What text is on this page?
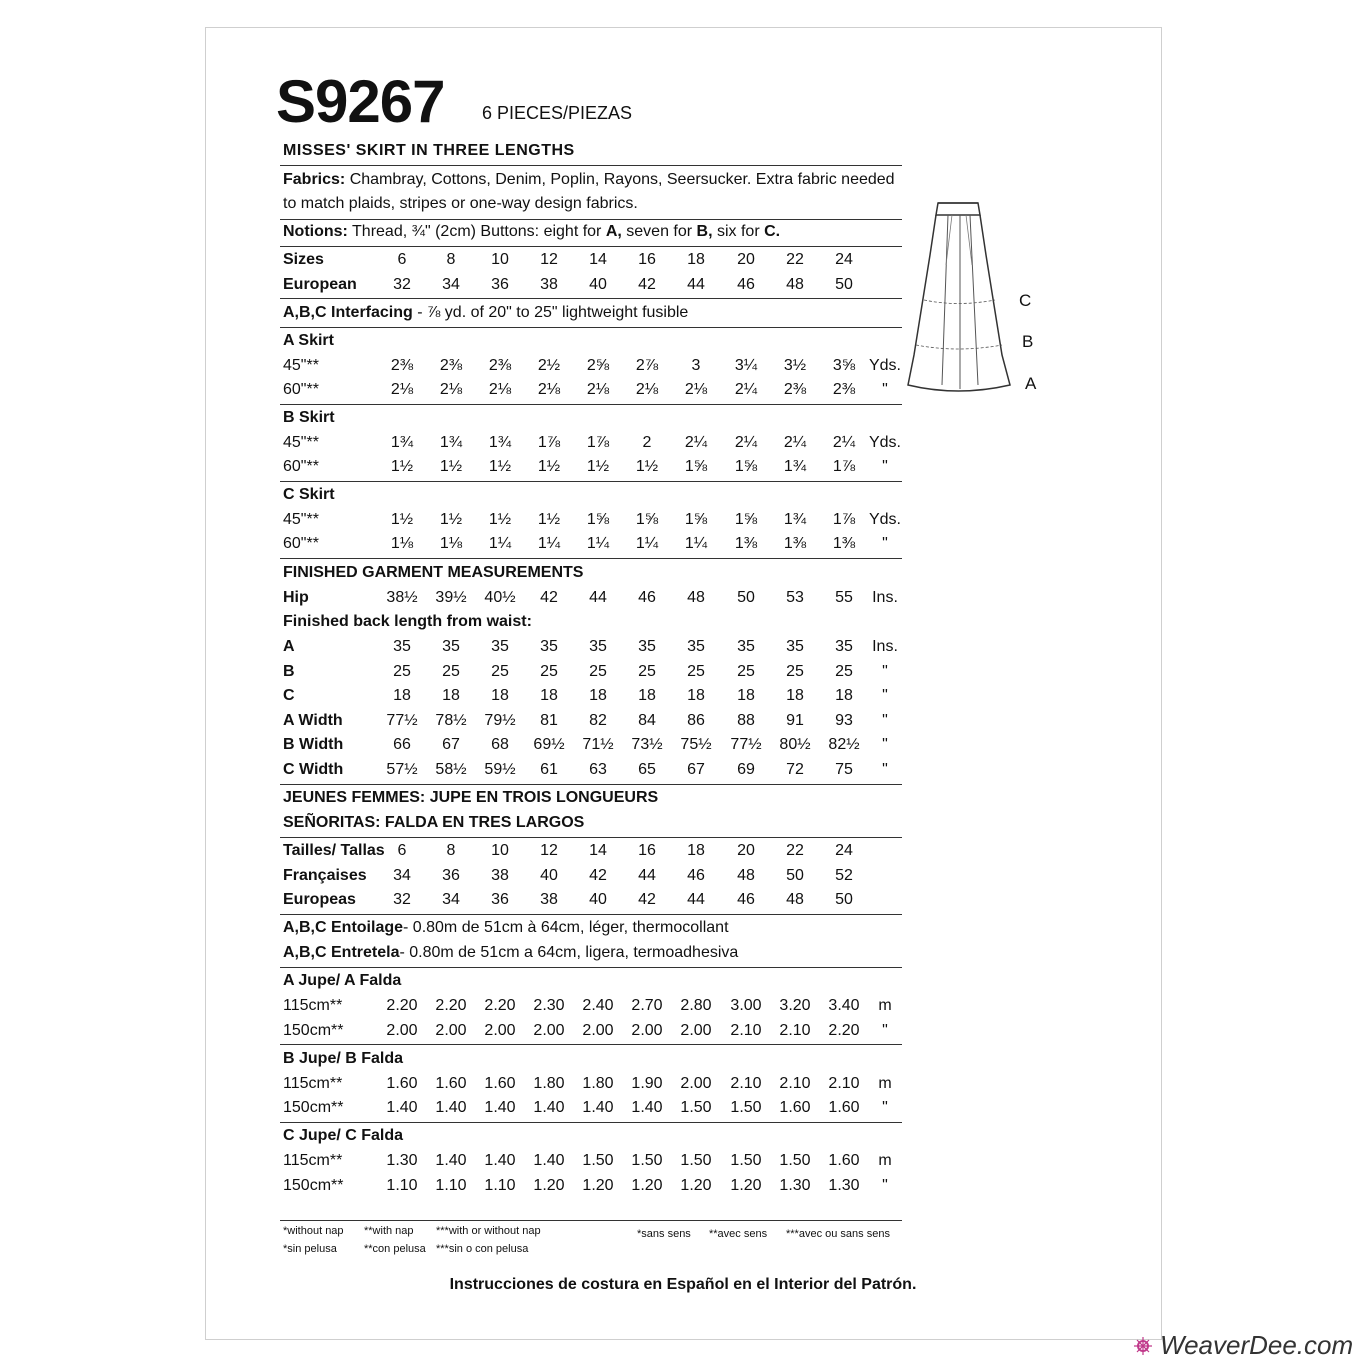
S9267 6 PIECES/PIEZAS
MISSES' SKIRT IN THREE LENGTHS
Fabrics: Chambray, Cottons, Denim, Poplin, Rayons, Seersucker. Extra fabric needed
to match plaids, stripes or one-way design fabrics.
Notions: Thread, ¾" (2cm) Buttons: eight for A, seven for B, six for C.
Sizes	6	8	10	12	14	16	18	20	22	24
European	32	34	36	38	40	42	44	46	48	50
A,B,C Interfacing - ⅞ yd. of 20" to 25" lightweight fusible
A Skirt
45"**	2⅜	2⅜	2⅜	2½	2⅝	2⅞	3	3¼	3½	3⅝ Yds.
60"**	2⅛	2⅛	2⅛	2⅛	2⅛	2⅛	2⅛	2¼	2⅜	2⅜	"
B Skirt
45"**	1¾	1¾	1¾	1⅞	1⅞	2	2¼	2¼	2¼	2¼ Yds.
60"**	1½	1½	1½	1½	1½	1½	1⅝	1⅝	1¾	1⅞	"
C Skirt
45"**	1½	1½	1½	1½	1⅝	1⅝	1⅝	1⅝	1¾	1⅞ Yds.
60"**	1⅛	1⅛	1¼	1¼	1¼	1¼	1¼	1⅜	1⅜	1⅜	"
FINISHED GARMENT MEASUREMENTS
Hip	38½	39½	40½	42	44	46	48	50	53	55	Ins.
Finished back length from waist:
A	35	35	35	35	35	35	35	35	35	35	Ins.
B	25	25	25	25	25	25	25	25	25	25	"
C	18	18	18	18	18	18	18	18	18	18	"
A Width	77½	78½	79½	81	82	84	86	88	91	93	"
B Width	66	67	68	69½	71½	73½	75½	77½	80½	82½	"
C Width	57½	58½	59½	61	63	65	67	69	72	75	"
JEUNES FEMMES: JUPE EN TROIS LONGUEURS
SEÑORITAS: FALDA EN TRES LARGOS
Tailles/ Tallas 6	8	10	12	14	16	18	20	22	24
Françaises	34	36	38	40	42	44	46	48	50	52
Europeas	32	34	36	38	40	42	44	46	48	50
A,B,C Entoilage- 0.80m de 51cm à 64cm, léger, thermocollant
A,B,C Entretela- 0.80m de 51cm a 64cm, ligera, termoadhesiva
A Jupe/ A Falda
115cm**	2.20	2.20	2.20	2.30	2.40	2.70	2.80	3.00	3.20	3.40	m
150cm**	2.00	2.00	2.00	2.00	2.00	2.00	2.00	2.10	2.10	2.20	"
B Jupe/ B Falda
115cm**	1.60	1.60	1.60	1.80	1.80	1.90	2.00	2.10	2.10	2.10	m
150cm**	1.40	1.40	1.40	1.40	1.40	1.40	1.50	1.50	1.60	1.60	"
C Jupe/ C Falda
115cm**	1.30	1.40	1.40	1.40	1.50	1.50	1.50	1.50	1.50	1.60	m
150cm**	1.10	1.10	1.10	1.20	1.20	1.20	1.20	1.20	1.30	1.30	"
C
B
A
*without nap **with nap ***with or without nap
*sin pelusa **con pelusa ***sin o con pelusa
*sans sens **avec sens ***avec ou sans sens
Instrucciones de costura en Español en el Interior del Patrón.
WeaverDee.com
